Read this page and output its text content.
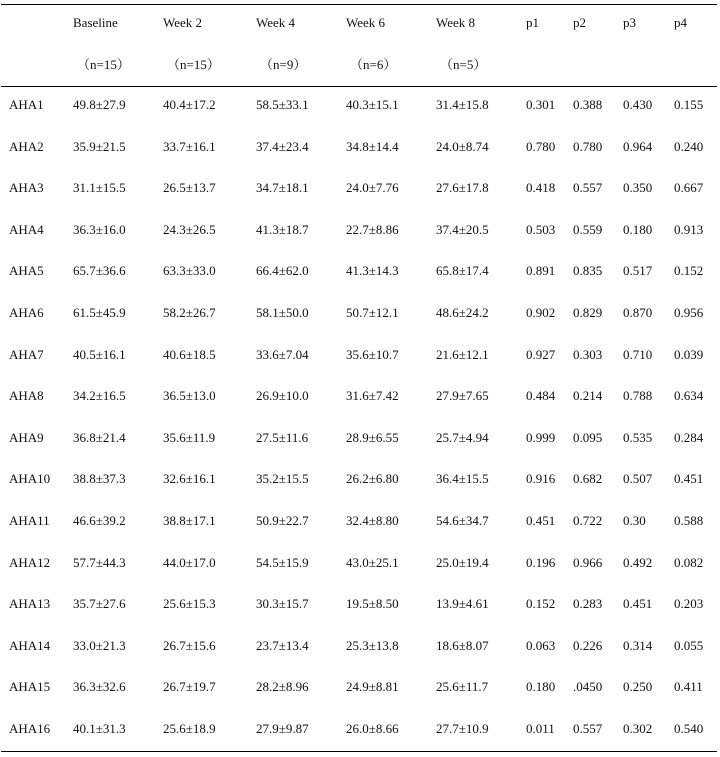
Baseline	Week 2	Week 4	Week 6	Week 8	p1	p2	p3	p4
（n=15）	（n=15）	（n=9）	（n=6）	（n=5）
AHA1 49.8±27.9	40.4±17.2	58.5±33.1	40.3±15.1	31.4±15.8	0.301 0.388 0.430 0.155
AHA2 35.9±21.5	33.7±16.1	37.4±23.4	34.8±14.4	24.0±8.74	0.780 0.780 0.964 0.240
AHA3 31.1±15.5	26.5±13.7	34.7±18.1	24.0±7.76	27.6±17.8	0.418 0.557 0.350 0.667
AHA4 36.3±16.0	24.3±26.5	41.3±18.7	22.7±8.86	37.4±20.5	0.503 0.559 0.180 0.913
AHA5 65.7±36.6	63.3±33.0	66.4±62.0	41.3±14.3	65.8±17.4	0.891 0.835 0.517 0.152
AHA6 61.5±45.9	58.2±26.7	58.1±50.0	50.7±12.1	48.6±24.2	0.902 0.829 0.870 0.956
AHA7 40.5±16.1	40.6±18.5	33.6±7.04	35.6±10.7	21.6±12.1	0.927 0.303 0.710 0.039
AHA8 34.2±16.5	36.5±13.0	26.9±10.0	31.6±7.42	27.9±7.65	0.484 0.214 0.788 0.634
AHA9 36.8±21.4	35.6±11.9	27.5±11.6	28.9±6.55	25.7±4.94	0.999 0.095 0.535 0.284
AHA10 38.8±37.3	32.6±16.1	35.2±15.5	26.2±6.80	36.4±15.5	0.916 0.682 0.507 0.451
AHA11 46.6±39.2	38.8±17.1	50.9±22.7	32.4±8.80	54.6±34.7	0.451 0.722 0.30 0.588
AHA12 57.7±44.3	44.0±17.0	54.5±15.9	43.0±25.1	25.0±19.4	0.196 0.966 0.492 0.082
AHA13 35.7±27.6	25.6±15.3	30.3±15.7	19.5±8.50	13.9±4.61	0.152 0.283 0.451 0.203
AHA14 33.0±21.3	26.7±15.6	23.7±13.4	25.3±13.8	18.6±8.07	0.063 0.226 0.314 0.055
AHA15 36.3±32.6	26.7±19.7	28.2±8.96	24.9±8.81	25.6±11.7	0.180 .0450 0.250 0.411
AHA16 40.1±31.3	25.6±18.9	27.9±9.87	26.0±8.66	27.7±10.9	0.011 0.557 0.302 0.540
